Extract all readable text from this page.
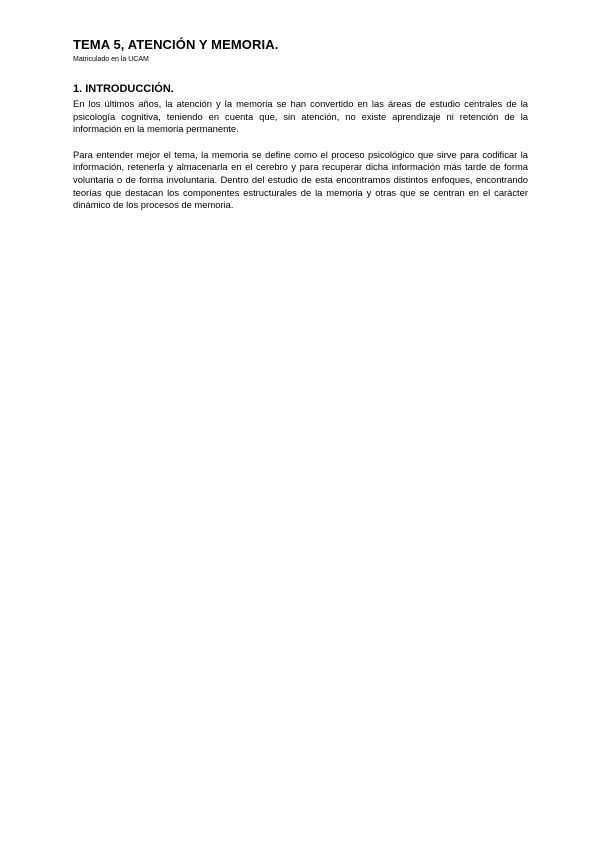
TEMA 5, ATENCIÓN Y MEMORIA.
Matriculado en la UCAM
1. INTRODUCCIÓN.

En los últimos años, la atención y la memoria se han convertido en las áreas de estudio centrales de la psicología cognitiva, teniendo en cuenta que, sin atención, no existe aprendizaje ni retención de la información en la memoria permanente.

Para entender mejor el tema, la memoria se define como el proceso psicológico que sirve para codificar la información, retenerla y almacenarla en el cerebro y para recuperar dicha información más tarde de forma voluntaria o de forma involuntaria. Dentro del estudio de esta encontramos distintos enfoques, encontrando teorías que destacan los componentes estructurales de la memoria y otras que se centran en el carácter dinámico de los procesos de memoria.
